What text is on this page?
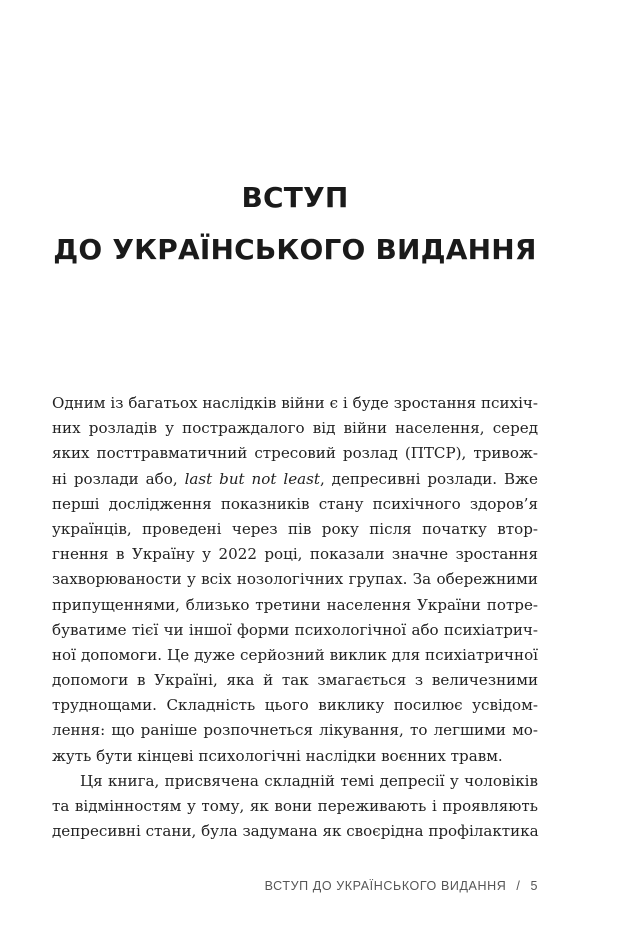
ВСТУП
ДО УКРАЇНСЬКОГО ВИДАННЯ
Одним із багатьох наслідків війни є і буде зростання психіч-
них розладів у постраждалого від війни населення, серед
яких посттравматичний стресовий розлад (ПТСР), тривож-
ні розлади або, last but not least, депресивні розлади. Вже
перші дослідження показників стану психічного здоров’я
українців, проведені через пів року після початку втор-
гнення в Україну у 2022 році, показали значне зростання
захворюваности у всіх нозологічних групах. За обережними
припущеннями, близько третини населення України потре-
буватиме тієї чи іншої форми психологічної або психіатрич-
ної допомоги. Це дуже серйозний виклик для психіатричної
допомоги в Україні, яка й так змагається з величезними
труднощами. Складність цього виклику посилює усвідом-
лення: що раніше розпочнеться лікування, то легшими мо-
жуть бути кінцеві психологічні наслідки воєнних травм.
Ця книга, присвячена складній темі депресії у чоловіків
та відмінностям у тому, як вони переживають і проявляють
депресивні стани, була задумана як своєрідна профілактика
ВСТУП ДО УКРАЇНСЬКОГО ВИДАННЯ / 5
